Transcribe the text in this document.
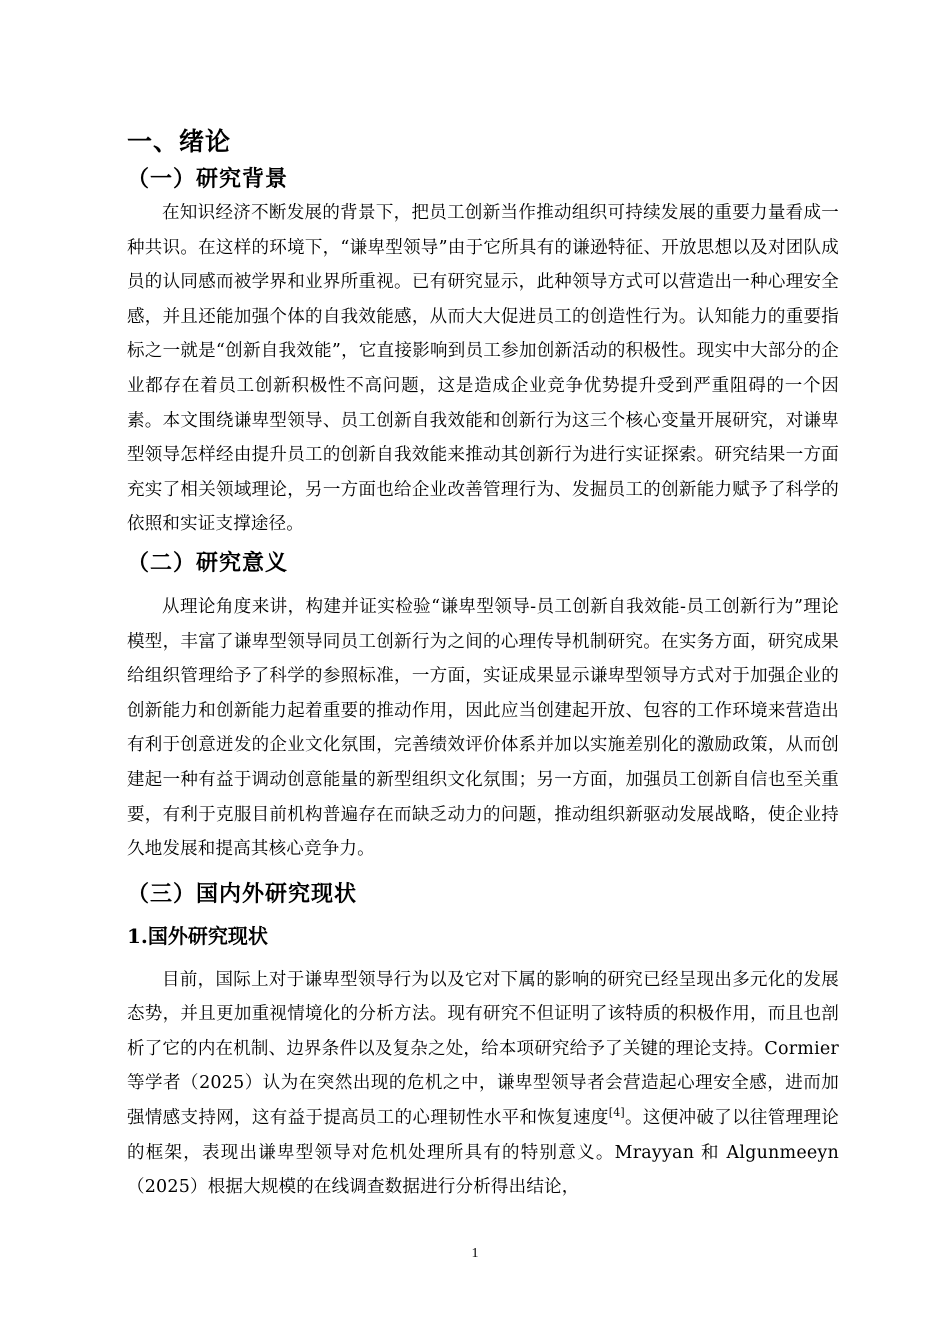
一、绪论
（一）研究背景

在知识经济不断发展的背景下，把员工创新当作推动组织可持续发展的重要力量看成一种共识。在这样的环境下，“谦卑型领导”由于它所具有的谦逊特征、开放思想以及对团队成员的认同感而被学界和业界所重视。已有研究显示，此种领导方式可以营造出一种心理安全感，并且还能加强个体的自我效能感，从而大大促进员工的创造性行为。认知能力的重要指标之一就是“创新自我效能”，它直接影响到员工参加创新活动的积极性。现实中大部分的企业都存在着员工创新积极性不高问题，这是造成企业竞争优势提升受到严重阻碍的一个因素。本文围绕谦卑型领导、员工创新自我效能和创新行为这三个核心变量开展研究，对谦卑型领导怎样经由提升员工的创新自我效能来推动其创新行为进行实证探索。研究结果一方面充实了相关领域理论，另一方面也给企业改善管理行为、发掘员工的创新能力赋予了科学的依照和实证支撑途径。

（二）研究意义

从理论角度来讲，构建并证实检验“谦卑型领导-员工创新自我效能-员工创新行为”理论模型，丰富了谦卑型领导同员工创新行为之间的心理传导机制研究。在实务方面，研究成果给组织管理给予了科学的参照标准，一方面，实证成果显示谦卑型领导方式对于加强企业的创新能力和创新能力起着重要的推动作用，因此应当创建起开放、包容的工作环境来营造出有利于创意迸发的企业文化氛围，完善绩效评价体系并加以实施差别化的激励政策，从而创建起一种有益于调动创意能量的新型组织文化氛围；另一方面，加强员工创新自信也至关重要，有利于克服目前机构普遍存在而缺乏动力的问题，推动组织新驱动发展战略，使企业持久地发展和提高其核心竞争力。

（三）国内外研究现状
1.国外研究现状

目前，国际上对于谦卑型领导行为以及它对下属的影响的研究已经呈现出多元化的发展态势，并且更加重视情境化的分析方法。现有研究不但证明了该特质的积极作用，而且也剖析了它的内在机制、边界条件以及复杂之处，给本项研究给予了关键的理论支持。Cormier 等学者（2025）认为在突然出现的危机之中，谦卑型领导者会营造起心理安全感，进而加强情感支持网，这有益于提高员工的心理韧性水平和恢复速度[4]。这便冲破了以往管理理论的框架，表现出谦卑型领导对危机处理所具有的特别意义。Mrayyan 和 Algunmeeyn（2025）根据大规模的在线调查数据进行分析得出结论，

1
